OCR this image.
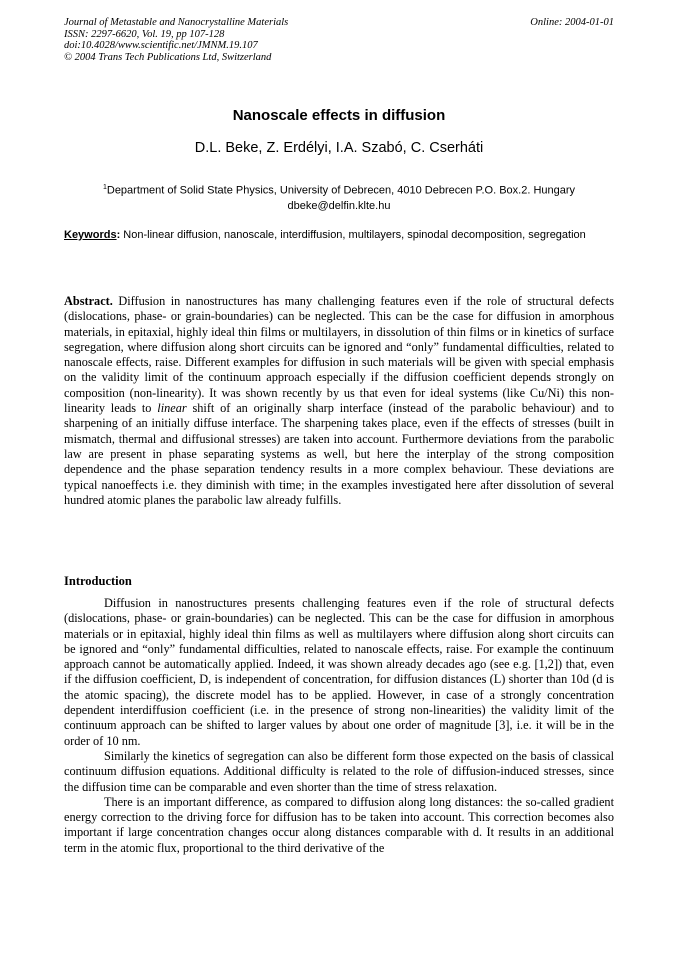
Journal of Metastable and Nanocrystalline Materials
ISSN: 2297-6620, Vol. 19, pp 107-128
doi:10.4028/www.scientific.net/JMNM.19.107
© 2004 Trans Tech Publications Ltd, Switzerland
Online: 2004-01-01
Nanoscale effects in diffusion
D.L. Beke, Z. Erdélyi, I.A. Szabó, C. Cserháti
$^1$Department of Solid State Physics, University of Debrecen, 4010 Debrecen P.O. Box.2. Hungary
dbeke@delfin.klte.hu
Keywords: Non-linear diffusion, nanoscale, interdiffusion, multilayers, spinodal decomposition, segregation
Abstract. Diffusion in nanostructures has many challenging features even if the role of structural defects (dislocations, phase- or grain-boundaries) can be neglected. This can be the case for diffusion in amorphous materials, in epitaxial, highly ideal thin films or multilayers, in dissolution of thin films or in kinetics of surface segregation, where diffusion along short circuits can be ignored and “only” fundamental difficulties, related to nanoscale effects, raise. Different examples for diffusion in such materials will be given with special emphasis on the validity limit of the continuum approach especially if the diffusion coefficient depends strongly on composition (non-linearity). It was shown recently by us that even for ideal systems (like Cu/Ni) this non-linearity leads to linear shift of an originally sharp interface (instead of the parabolic behaviour) and to sharpening of an initially diffuse interface. The sharpening takes place, even if the effects of stresses (built in mismatch, thermal and diffusional stresses) are taken into account. Furthermore deviations from the parabolic law are present in phase separating systems as well, but here the interplay of the strong composition dependence and the phase separation tendency results in a more complex behaviour. These deviations are typical nanoeffects i.e. they diminish with time; in the examples investigated here after dissolution of several hundred atomic planes the parabolic law already fulfills.
Introduction

Diffusion in nanostructures presents challenging features even if the role of structural defects (dislocations, phase- or grain-boundaries) can be neglected. This can be the case for diffusion in amorphous materials or in epitaxial, highly ideal thin films as well as multilayers where diffusion along short circuits can be ignored and “only” fundamental difficulties, related to nanoscale effects, raise. For example the continuum approach cannot be automatically applied. Indeed, it was shown already decades ago (see e.g. [1,2]) that, even if the diffusion coefficient, D, is independent of concentration, for diffusion distances (L) shorter than 10d (d is the atomic spacing), the discrete model has to be applied. However, in case of a strongly concentration dependent interdiffusion coefficient (i.e. in the presence of strong non-linearities) the validity limit of the continuum approach can be shifted to larger values by about one order of magnitude [3], i.e. it will be in the order of 10 nm.

Similarly the kinetics of segregation can also be different form those expected on the basis of classical continuum diffusion equations. Additional difficulty is related to the role of diffusion-induced stresses, since the diffusion time can be comparable and even shorter than the time of stress relaxation.

There is an important difference, as compared to diffusion along long distances: the so-called gradient energy correction to the driving force for diffusion has to be taken into account. This correction becomes also important if large concentration changes occur along distances comparable with d. It results in an additional term in the atomic flux, proportional to the third derivative of the
